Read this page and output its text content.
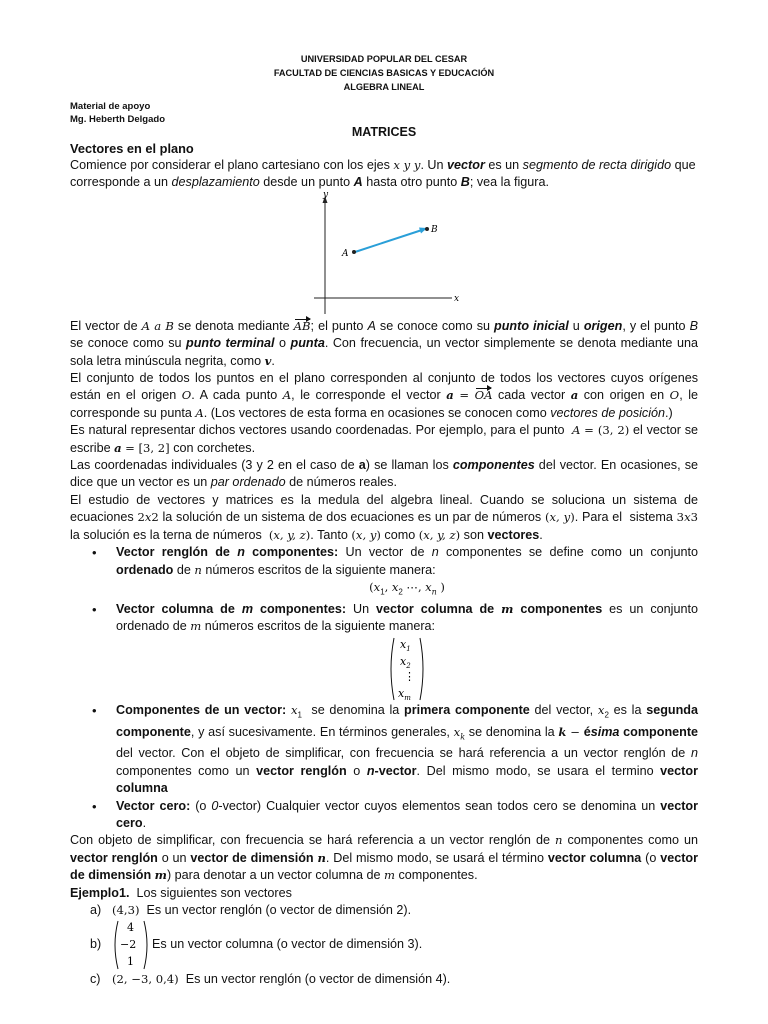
UNIVERSIDAD POPULAR DEL CESAR
FACULTAD DE CIENCIAS BASICAS Y EDUCACIÓN
ALGEBRA LINEAL
Material de apoyo
Mg. Heberth Delgado
MATRICES
Vectores en el plano

Comience por considerar el plano cartesiano con los ejes x y y. Un vector es un segmento de recta dirigido que corresponde a un desplazamiento desde un punto A hasta otro punto B; vea la figura.

y
x
A
B

El vector de A a B se denota mediante AB; el punto A se conoce como su punto inicial u origen, y el punto B se conoce como su punto terminal o punta. Con frecuencia, un vector simplemente se denota mediante una sola letra minúscula negrita, como v.

El conjunto de todos los puntos en el plano corresponden al conjunto de todos los vectores cuyos orígenes están en el origen O. A cada punto A, le corresponde el vector a = OA cada vector a con origen en O, le corresponde su punta A. (Los vectores de esta forma en ocasiones se conocen como vectores de posición.)

Es natural representar dichos vectores usando coordenadas. Por ejemplo, para el punto  A = (3, 2) el vector se escribe a = [3, 2] con corchetes.

Las coordenadas individuales (3 y 2 en el caso de a) se llaman los componentes del vector. En ocasiones, se dice que un vector es un par ordenado de números reales.

El estudio de vectores y matrices es la medula del algebra lineal. Cuando se soluciona un sistema de ecuaciones 2x2 la solución de un sistema de dos ecuaciones es un par de números (x, y). Para el  sistema 3x3 la solución es la terna de números  (x, y, z). Tanto (x, y) como (x, y, z) son vectores.

• Vector renglón de n componentes: Un vector de n componentes se define como un conjunto ordenado de n números escritos de la siguiente manera:

($x_1$, $x_2$ ⋯, $x_n$ )
• Vector columna de m componentes: Un vector columna de m componentes es un conjunto ordenado de m números escritos de la siguiente manera:

$x_1$
$x_2$
⋮
$x_m$
• Componentes de un vector: $x_1$  se denomina la primera componente del vector, $x_2$ es la segunda componente, y así sucesivamente. En términos generales, $x_k$ se denomina la k − ésima componente del vector. Con el objeto de simplificar, con frecuencia se hará referencia a un vector renglón de n componentes como un vector renglón o n-vector. Del mismo modo, se usara el termino vector columna

• Vector cero: (o 0-vector) Cualquier vector cuyos elementos sean todos cero se denomina un vector cero.

Con objeto de simplificar, con frecuencia se hará referencia a un vector renglón de n componentes como un vector renglón o un vector de dimensión n. Del mismo modo, se usará el término vector columna (o vector de dimensión m) para denotar a un vector columna de m componentes.

Ejemplo1.  Los siguientes son vectores

a) (4,3)  Es un vector renglón (o vector de dimensión 2).

b)
4
−2
1

Es un vector columna (o vector de dimensión 3).

c) (2, −3, 0,4)  Es un vector renglón (o vector de dimensión 4).
